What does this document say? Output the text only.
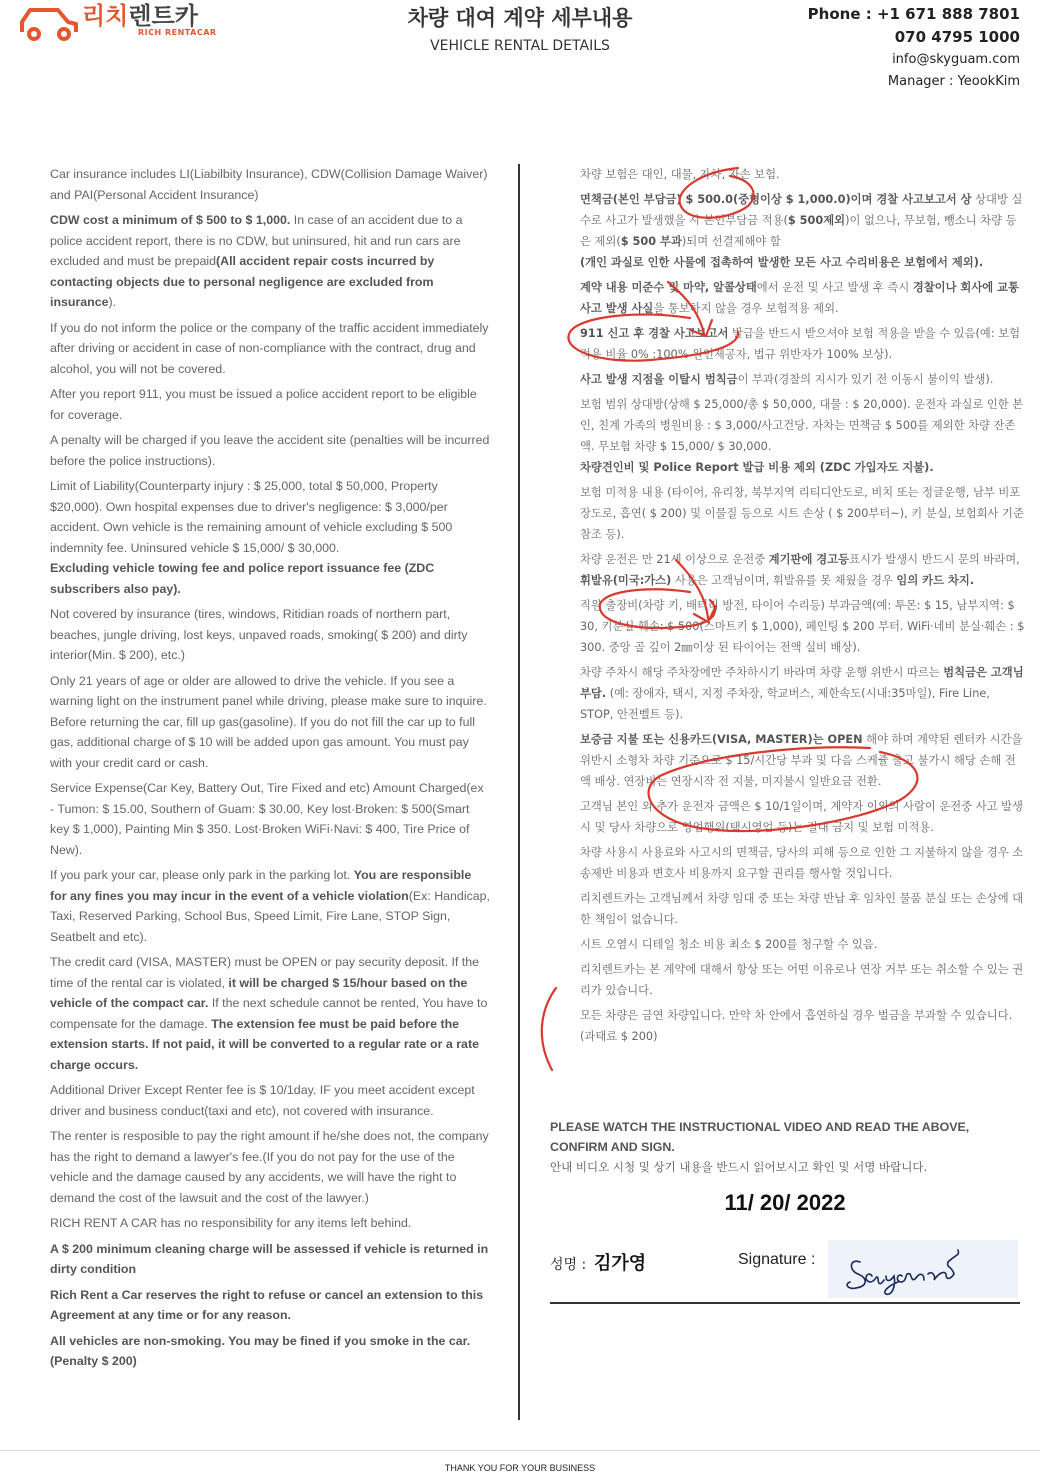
리치렌트카
RICH RENTACAR
차량 대여 계약 세부내용
VEHICLE RENTAL DETAILS
Phone : +1 671 888 7801
070 4795 1000
info@skyguam.com
Manager : YeookKim

Car insurance includes LI(Liabilbity Insurance), CDW(Collision Damage Waiver) and PAI(Personal Accident Insurance)

CDW cost a minimum of $ 500 to $ 1,000. In case of an accident due to a police accident report, there is no CDW, but uninsured, hit and run cars are excluded and must be prepaid(All accident repair costs incurred by contacting objects due to personal negligence are excluded from insurance).

If you do not inform the police or the company of the traffic accident immediately after driving or accident in case of non-compliance with the contract, drug and alcohol, you will not be covered.

After you report 911, you must be issued a police accident report to be eligible for coverage.

A penalty will be charged if you leave the accident site (penalties will be incurred before the police instructions).

Limit of Liability(Counterparty injury : $ 25,000, total $ 50,000, Property $20,000). Own hospital expenses due to driver's negligence: $ 3,000/per accident. Own vehicle is the remaining amount of vehicle excluding $ 500 indemnity fee. Uninsured vehicle $ 15,000/ $ 30,000.
Excluding vehicle towing fee and police report issuance fee (ZDC subscribers also pay).

Not covered by insurance (tires, windows, Ritidian roads of northern part, beaches, jungle driving, lost keys, unpaved roads, smoking( $ 200) and dirty interior(Min. $ 200), etc.)

Only 21 years of age or older are allowed to drive the vehicle. If you see a warning light on the instrument panel while driving, please make sure to inquire. Before returning the car, fill up gas(gasoline). If you do not fill the car up to full gas, additional charge of $ 10 will be added upon gas amount. You must pay with your credit card or cash.

Service Expense(Car Key, Battery Out, Tire Fixed and etc) Amount Charged(ex - Tumon: $ 15.00, Southern of Guam: $ 30.00, Key lost·Broken: $ 500(Smart key $ 1,000), Painting Min $ 350. Lost·Broken WiFi·Navi: $ 400, Tire Price of New).

If you park your car, please only park in the parking lot. You are responsible for any fines you may incur in the event of a vehicle violation(Ex: Handicap, Taxi, Reserved Parking, School Bus, Speed Limit, Fire Lane, STOP Sign, Seatbelt and etc).

The credit card (VISA, MASTER) must be OPEN or pay security deposit. If the time of the rental car is violated, it will be charged $ 15/hour based on the vehicle of the compact car. If the next schedule cannot be rented, You have to compensate for the damage. The extension fee must be paid before the extension starts. If not paid, it will be converted to a regular rate or a rate charge occurs.

Additional Driver Except Renter fee is $ 10/1day. IF you meet accident except driver and business conduct(taxi and etc), not covered with insurance.

The renter is resposible to pay the right amount if he/she does not, the company has the right to demand a lawyer's fee.(If you do not pay for the use of the vehicle and the damage caused by any accidents, we will have the right to demand the cost of the lawsuit and the cost of the lawyer.)

RICH RENT A CAR has no responsibility for any items left behind.

A $ 200 minimum cleaning charge will be assessed if vehicle is returned in dirty condition

Rich Rent a Car reserves the right to refuse or cancel an extension to this Agreement at any time or for any reason.

All vehicles are non-smoking. You may be fined if you smoke in the car. (Penalty $ 200)

차량 보험은 대인, 대물, 자차, 자손 보험.

면책금(본인 부담금) $ 500.0(중형이상 $ 1,000.0)이며 경찰 사고보고서 상 상대방 실수로 사고가 발생했을 시 본인부담금 적용($ 500제외)이 없으나, 무보험, 뺑소니 차량 등은 제외($ 500 부과)되며 선결제해야 함
(개인 과실로 인한 사물에 접촉하여 발생한 모든 사고 수리비용은 보험에서 제외).

계약 내용 미준수 및 마약, 알콜상태에서 운전 및 사고 발생 후 즉시 경찰이나 회사에 교통 사고 발생 사실을 통보하지 않을 경우 보험적용 제외.

911 신고 후 경찰 사고보고서 발급을 반드시 받으셔야 보험 적용을 받을 수 있음(예: 보험 적용 비율 0% :100% 원인제공자, 법규 위반자가 100% 보상).

사고 발생 지점을 이탈시 범칙금이 부과(경찰의 지시가 있기 전 이동시 불이익 발생).

보험 범위 상대방(상해 $ 25,000/총 $ 50,000, 대물 : $ 20,000). 운전자 과실로 인한 본인, 친계 가족의 병원비용 : $ 3,000/사고건당. 자차는 면책금 $ 500를 제외한 차량 잔존액. 무보험 차량 $ 15,000/ $ 30,000.
차량견인비 및 Police Report 발급 비용 제외 (ZDC 가입자도 지불).

보험 미적용 내용 (타이어, 유리창, 북부지역 리티디안도로, 비치 또는 정글운행, 남부 비포장도로, 흡연( $ 200) 및 이물질 등으로 시트 손상 ( $ 200부터~), 키 분실, 보험회사 기준 참조 등).

차량 운전은 만 21세 이상으로 운전중 계기판에 경고등표시가 발생시 반드시 문의 바라며, 휘발유(미국:가스) 사용은 고객님이며, 휘발유를 못 채웠을 경우 임의 카드 차지.

직원 출장비(차량 키, 배터리 방전, 타이어 수리등) 부과금액(예: 투몬: $ 15, 남부지역: $ 30, 키분실·훼손: $ 500(스마트키 $ 1,000), 페인팅 $ 200 부터. WiFi·네비 분실·훼손 : $ 300. 중앙 골 깊이 2㎜이상 된 타이어는 전액 실비 배상).

차량 주차시 해당 주차장에만 주차하시기 바라며 차량 운행 위반시 따르는 범칙금은 고객님 부담. (예: 장애자, 택시, 지정 주차장, 학교버스, 제한속도(시내:35마일), Fire Line, STOP, 안전벨트 등).

보증금 지불 또는 신용카드(VISA, MASTER)는 OPEN 해야 하며 계약된 렌터카 시간을 위반시 소형차 차량 기준으로 $ 15/시간당 부과 및 다음 스케쥴 출고 불가시 해당 손해 전액 배상. 연장비는 연장시작 전 지불, 미지불시 일반요금 전환.

고객님 본인 외 추가 운전자 금액은 $ 10/1일이며, 계약자 이외의 사람이 운전중 사고 발생시 및 당사 차량으로 영업행위(택시영업 등)는 절대 금지 및 보험 미적용.

차량 사용시 사용료와 사고시의 면책금, 당사의 피해 등으로 인한 그 지불하지 않을 경우 소송제반 비용과 변호사 비용까지 요구할 권리를 행사할 것입니다.

리치렌트카는 고객님께서 차량 임대 중 또는 차량 반납 후 임차인 물품 분실 또는 손상에 대한 책임이 없습니다.

시트 오염시 디테일 청소 비용 최소 $ 200를 청구할 수 있음.

리치렌트카는 본 계약에 대해서 항상 또는 어떤 이유로나 연장 거부 또는 취소할 수 있는 권리가 있습니다.

모든 차량은 금연 차량입니다. 만약 차 안에서 흡연하실 경우 벌금을 부과할 수 있습니다. (과태료 $ 200)

PLEASE WATCH THE INSTRUCTIONAL VIDEO AND READ THE ABOVE, CONFIRM AND SIGN.
안내 비디오 시청 및 상기 내용을 반드시 읽어보시고 확인 및 서명 바랍니다.
11/ 20/ 2022
성명 : 김가영	Signature :
THANK YOU FOR YOUR BUSINESS
